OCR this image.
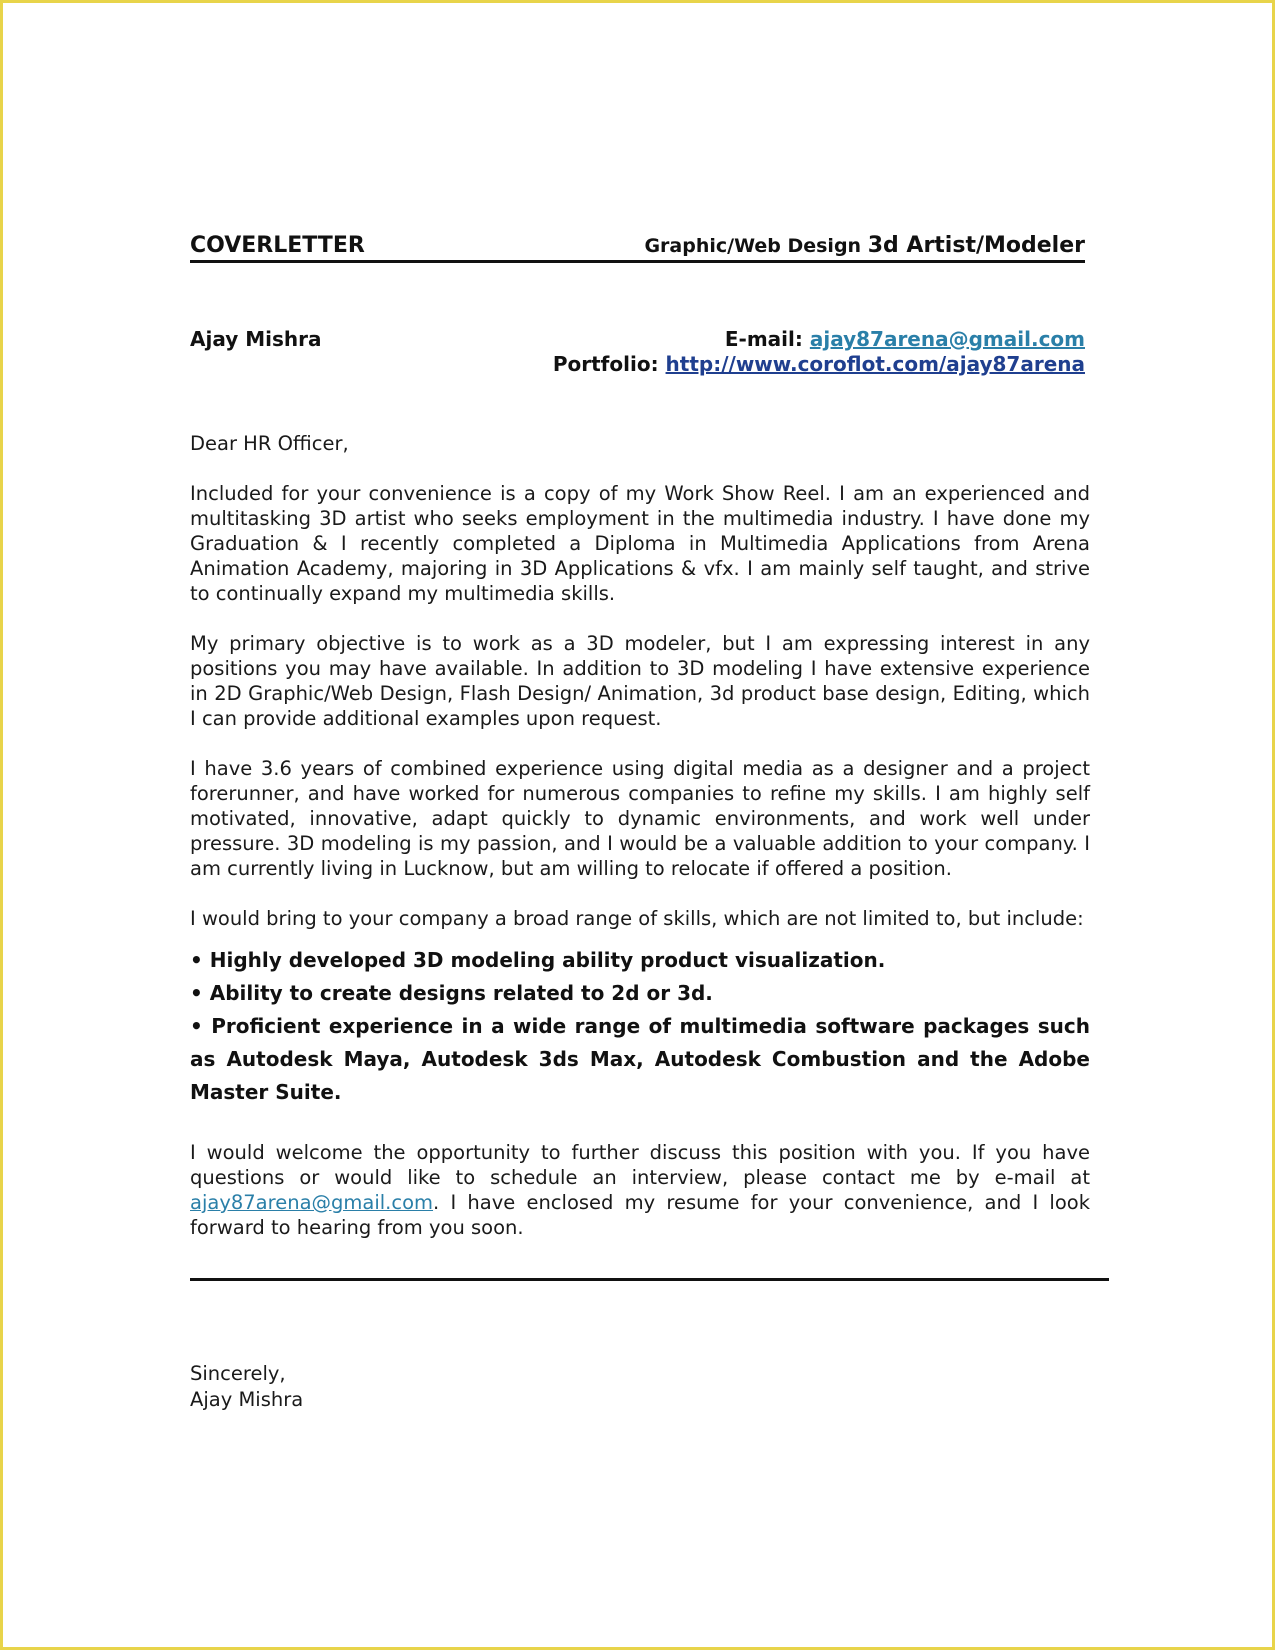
COVERLETTER	Graphic/Web Design 3d Artist/Modeler
Ajay Mishra	E-mail: ajay87arena@gmail.com
Portfolio: http://www.coroflot.com/ajay87arena
Dear HR Officer,
Included for your convenience is a copy of my Work Show Reel. I am an experienced and multitasking 3D artist who seeks employment in the multimedia industry. I have done my Graduation & I recently completed a Diploma in Multimedia Applications from Arena Animation Academy, majoring in 3D Applications & vfx. I am mainly self taught, and strive to continually expand my multimedia skills.
My primary objective is to work as a 3D modeler, but I am expressing interest in any positions you may have available. In addition to 3D modeling I have extensive experience in 2D Graphic/Web Design, Flash Design/ Animation, 3d product base design, Editing, which I can provide additional examples upon request.
I have 3.6 years of combined experience using digital media as a designer and a project forerunner, and have worked for numerous companies to refine my skills. I am highly self motivated, innovative, adapt quickly to dynamic environments, and work well under pressure. 3D modeling is my passion, and I would be a valuable addition to your company. I am currently living in Lucknow, but am willing to relocate if offered a position.
I would bring to your company a broad range of skills, which are not limited to, but include:
• Highly developed 3D modeling ability product visualization.
• Ability to create designs related to 2d or 3d.
• Proficient experience in a wide range of multimedia software packages such as Autodesk Maya, Autodesk 3ds Max, Autodesk Combustion and the Adobe Master Suite.
I would welcome the opportunity to further discuss this position with you. If you have questions or would like to schedule an interview, please contact me by e-mail at ajay87arena@gmail.com. I have enclosed my resume for your convenience, and I look forward to hearing from you soon.
Sincerely,
Ajay Mishra
